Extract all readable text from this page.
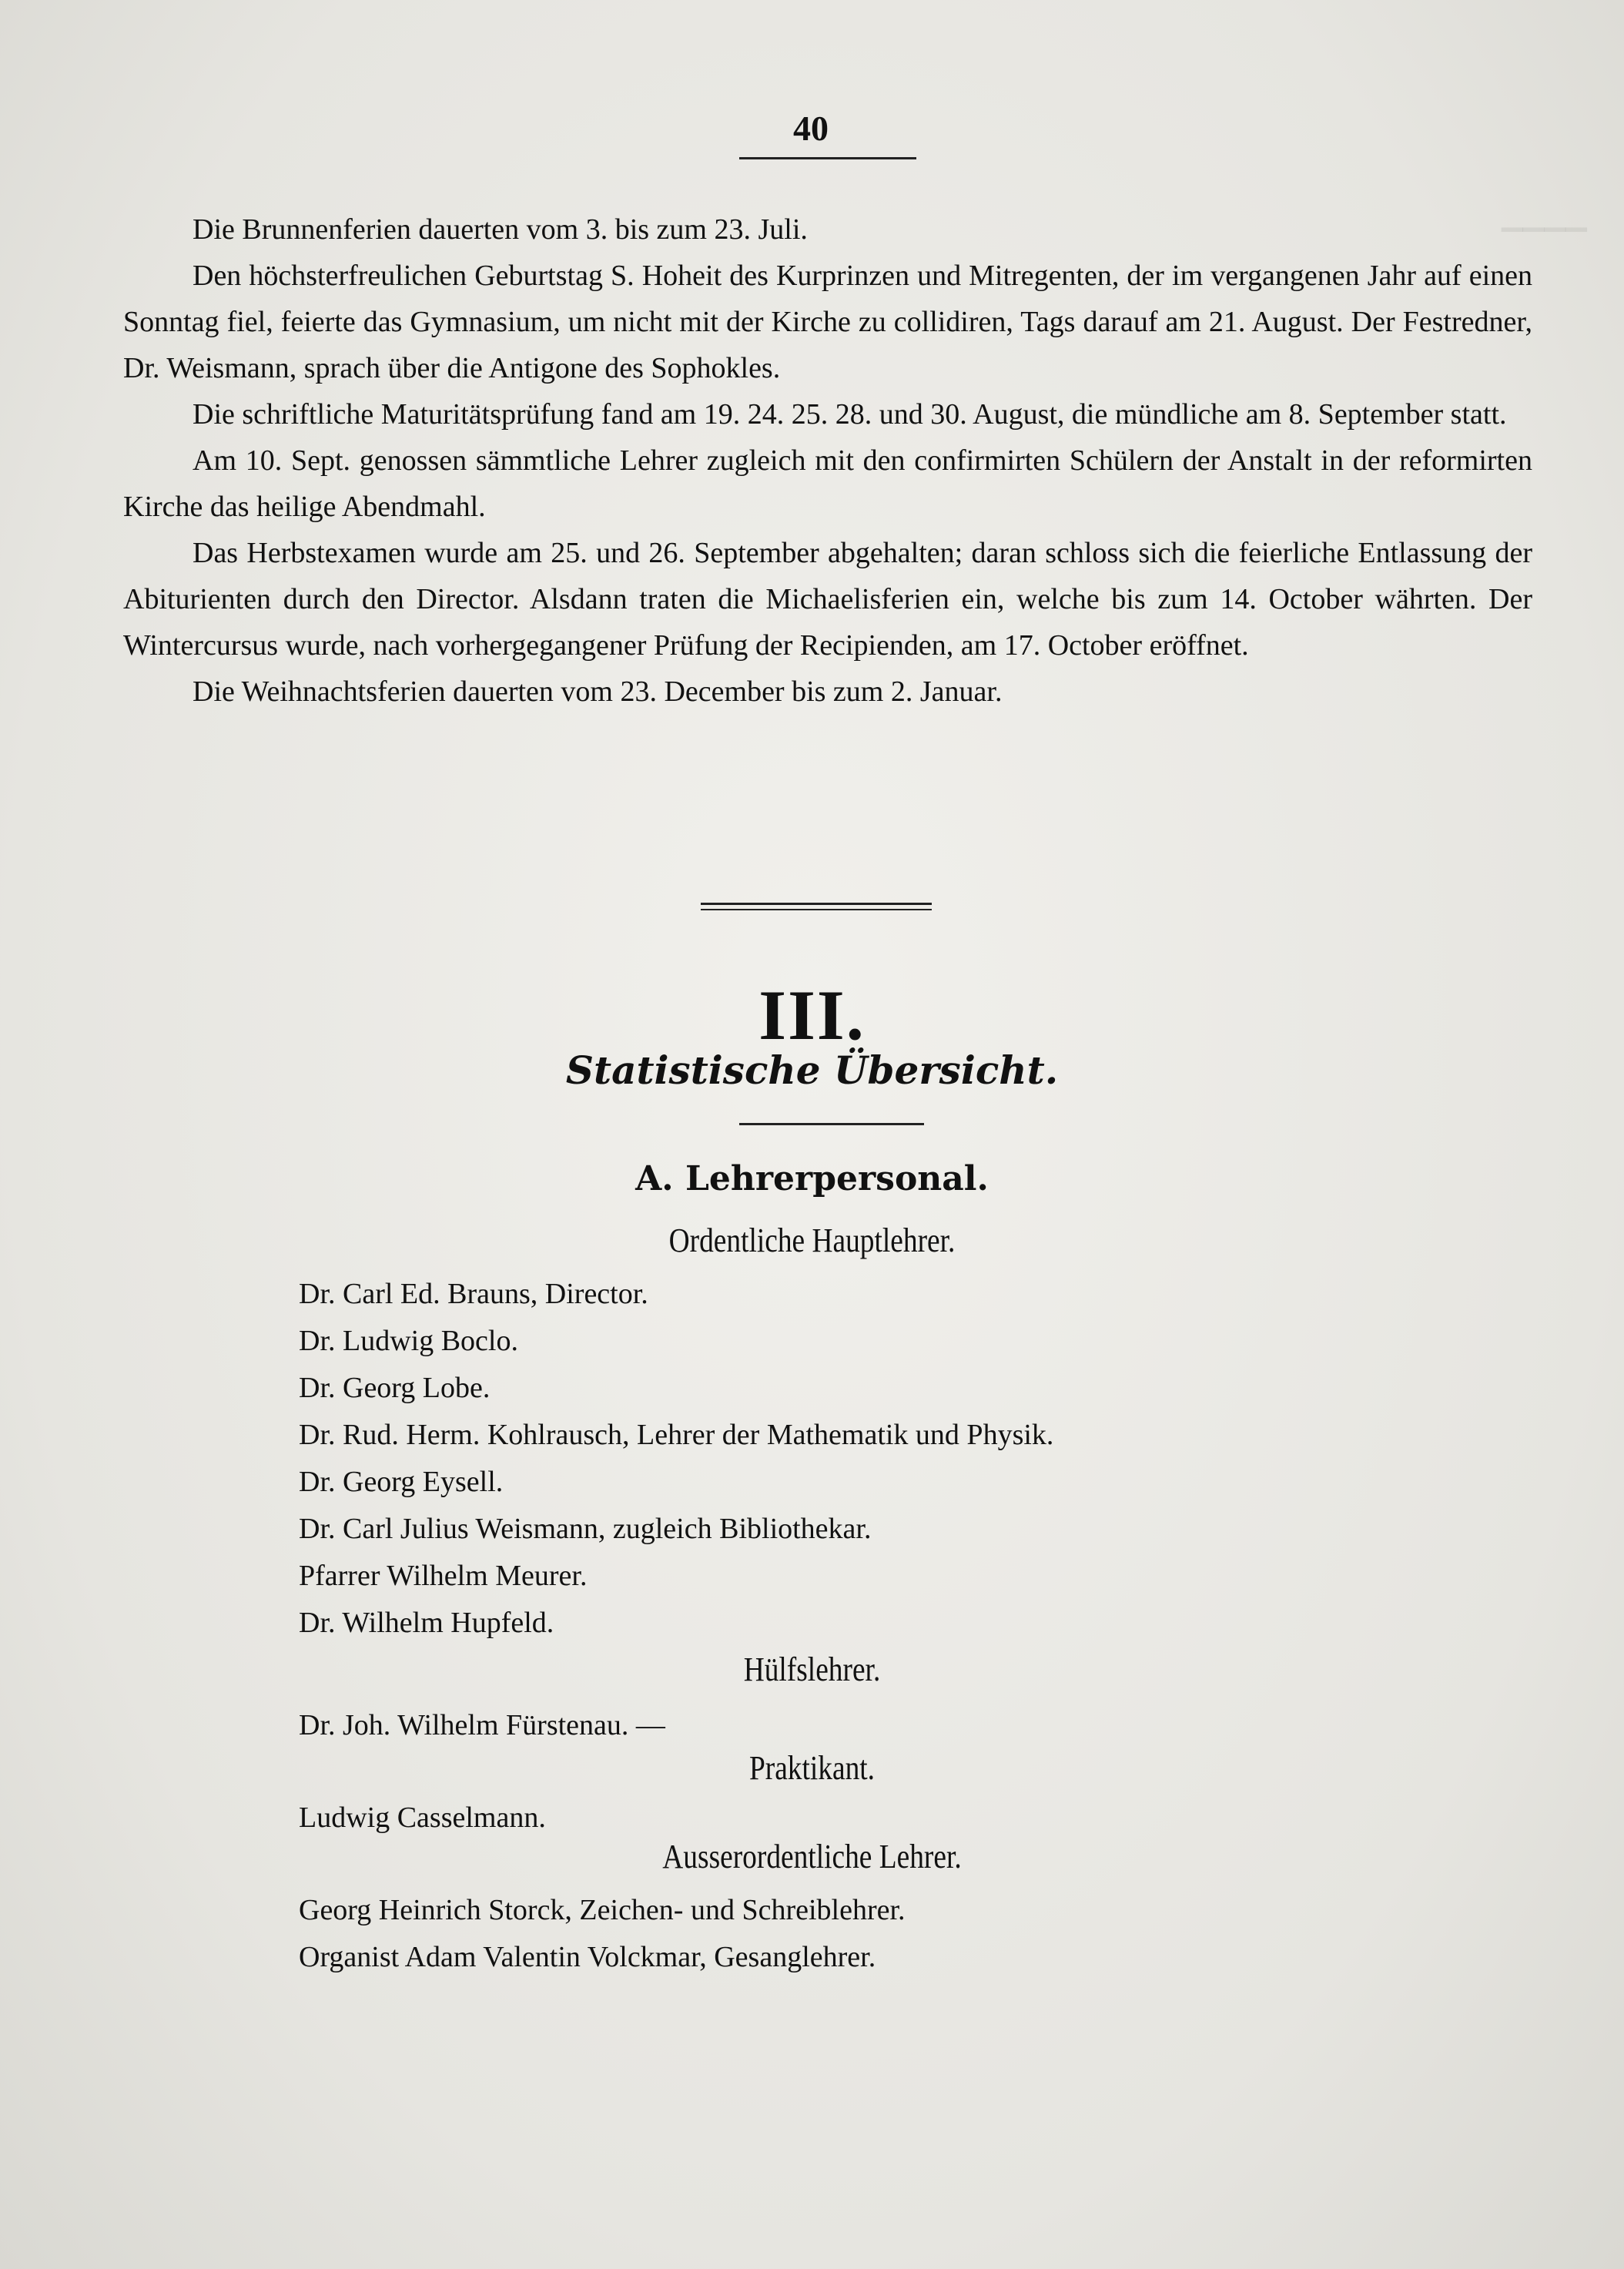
▁▁▁▁
40

Die Brunnenferien dauerten vom 3. bis zum 23. Juli.

Den höchsterfreulichen Geburtstag S. Hoheit des Kurprinzen und Mitregenten, der im vergangenen Jahr auf einen Sonntag fiel, feierte das Gymnasium, um nicht mit der Kirche zu collidiren, Tags darauf am 21. August. Der Festredner, Dr. Weismann, sprach über die Antigone des Sophokles.

Die schriftliche Maturitätsprüfung fand am 19. 24. 25. 28. und 30. August, die mündliche am 8. September statt.

Am 10. Sept. genossen sämmtliche Lehrer zugleich mit den confirmirten Schülern der Anstalt in der reformirten Kirche das heilige Abendmahl.

Das Herbstexamen wurde am 25. und 26. September abgehalten; daran schloss sich die feierliche Entlassung der Abiturienten durch den Director. Alsdann traten die Michaelisferien ein, welche bis zum 14. October währten. Der Wintercursus wurde, nach vorhergegangener Prüfung der Recipienden, am 17. October eröffnet.

Die Weihnachtsferien dauerten vom 23. December bis zum 2. Januar.

III.
Statistische Übersicht.
A. Lehrerpersonal.
Ordentliche Hauptlehrer.
Dr. Carl Ed. Brauns, Director.
Dr. Ludwig Boclo.
Dr. Georg Lobe.
Dr. Rud. Herm. Kohlrausch, Lehrer der Mathematik und Physik.
Dr. Georg Eysell.
Dr. Carl Julius Weismann, zugleich Bibliothekar.
Pfarrer Wilhelm Meurer.
Dr. Wilhelm Hupfeld.
Hülfslehrer.
Dr. Joh. Wilhelm Fürstenau. —
Praktikant.
Ludwig Casselmann.
Ausserordentliche Lehrer.
Georg Heinrich Storck, Zeichen- und Schreiblehrer.
Organist Adam Valentin Volckmar, Gesanglehrer.
